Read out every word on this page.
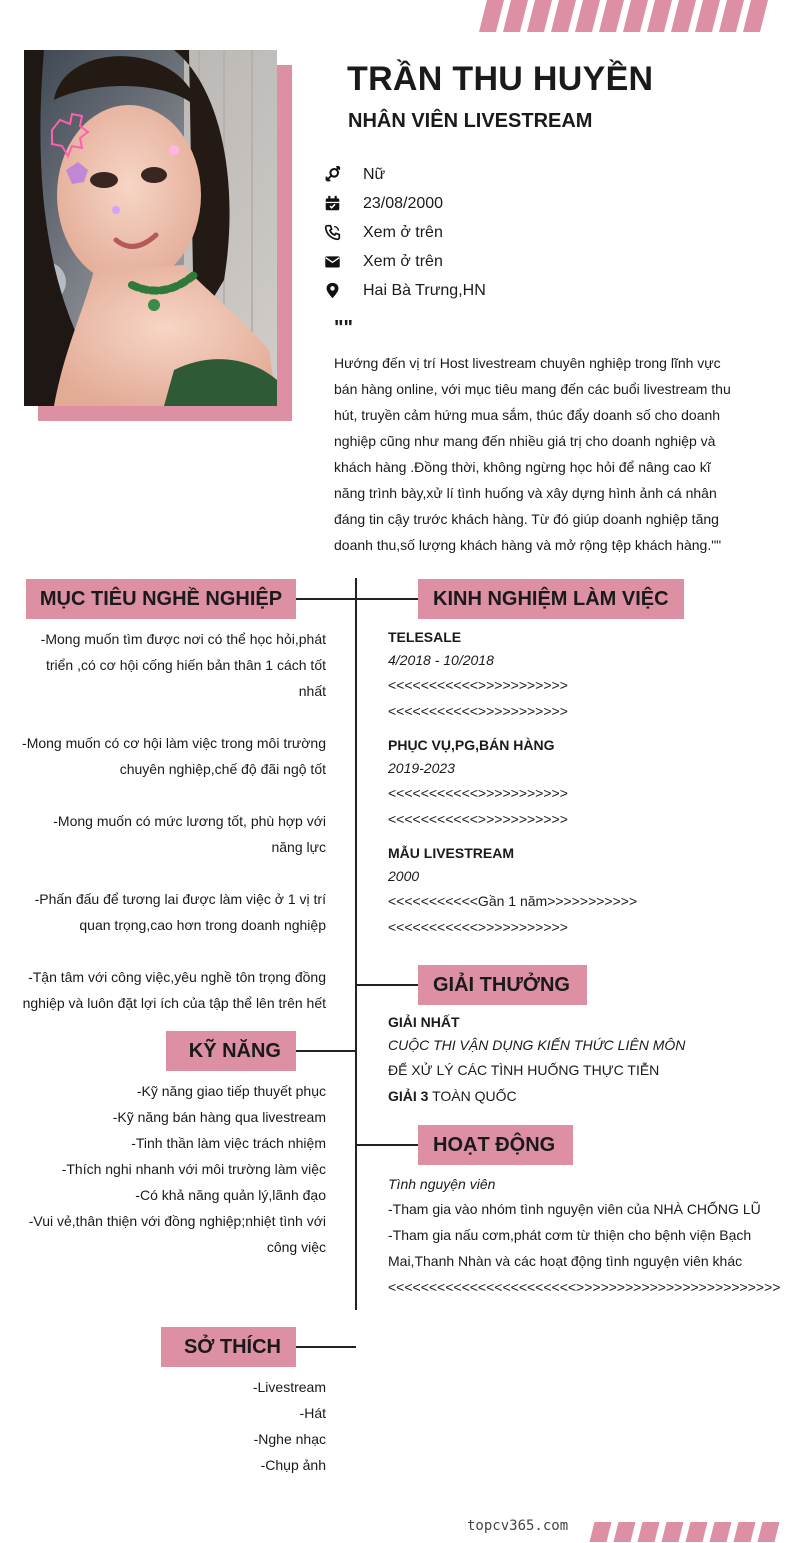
TRẦN THU HUYỀN
NHÂN VIÊN LIVESTREAM
Nữ
23/08/2000
Xem ở trên
Xem ở trên
Hai Bà Trưng,HN
""
Hướng đến vị trí Host livestream chuyên nghiệp trong lĩnh vực bán hàng online, với mục tiêu mang đến các buổi livestream thu hút, truyền cảm hứng mua sắm, thúc đẩy doanh số cho doanh nghiệp cũng như mang đến nhiều giá trị cho doanh nghiệp và khách hàng .Đồng thời, không ngừng học hỏi để nâng cao kĩ năng trình bày,xử lí tình huống và xây dựng hình ảnh cá nhân đáng tin cậy trước khách hàng. Từ đó giúp doanh nghiệp tăng doanh thu,số lượng khách hàng và mở rộng tệp khách hàng.""
MỤC TIÊU NGHỀ NGHIỆP
-Mong muốn tìm được nơi có thể học hỏi,phát triển ,có cơ hội cống hiến bản thân 1 cách tốt nhất
-Mong muốn có cơ hội làm việc trong môi trường chuyên nghiệp,chế độ đãi ngộ tốt
-Mong muốn có mức lương tốt, phù hợp với năng lực
-Phấn đấu để tương lai được làm việc ở 1 vị trí quan trọng,cao hơn trong doanh nghiệp
-Tận tâm với công việc,yêu nghề tôn trọng đồng nghiệp và luôn đặt lợi ích của tập thể lên trên hết
KỸ NĂNG
-Kỹ năng giao tiếp thuyết phục
-Kỹ năng bán hàng qua livestream
-Tinh thần làm việc trách nhiệm
-Thích nghi nhanh với môi trường làm việc
-Có khả năng quản lý,lãnh đạo
-Vui vẻ,thân thiện với đồng nghiệp;nhiệt tình với công việc
SỞ THÍCH
-Livestream
-Hát
-Nghe nhạc
-Chụp ảnh
KINH NGHIỆM LÀM VIỆC
TELESALE
4/2018 - 10/2018
<<<<<<<<<<<>>>>>>>>>>>
<<<<<<<<<<<>>>>>>>>>>>
PHỤC VỤ,PG,BÁN HÀNG
2019-2023
<<<<<<<<<<<>>>>>>>>>>>
<<<<<<<<<<<>>>>>>>>>>>
MẪU LIVESTREAM
2000
<<<<<<<<<<<Gần 1 năm>>>>>>>>>>>
<<<<<<<<<<<>>>>>>>>>>>
GIẢI THƯỞNG
GIẢI NHẤT
CUỘC THI VẬN DỤNG KIẾN THỨC LIÊN MÔN
ĐỂ XỬ LÝ CÁC TÌNH HUỐNG THỰC TIỄN
GIẢI 3 TOÀN QUỐC
HOẠT ĐỘNG
Tình nguyện viên
-Tham gia vào nhóm tình nguyện viên của NHÀ CHỐNG LŨ
-Tham gia nấu cơm,phát cơm từ thiện cho bệnh viện Bạch Mai,Thanh Nhàn và các hoạt động tình nguyện viên khác
<<<<<<<<<<<<<<<<<<<<<<<>>>>>>>>>>>>>>>>>>>>>>>>>
topcv365.com
